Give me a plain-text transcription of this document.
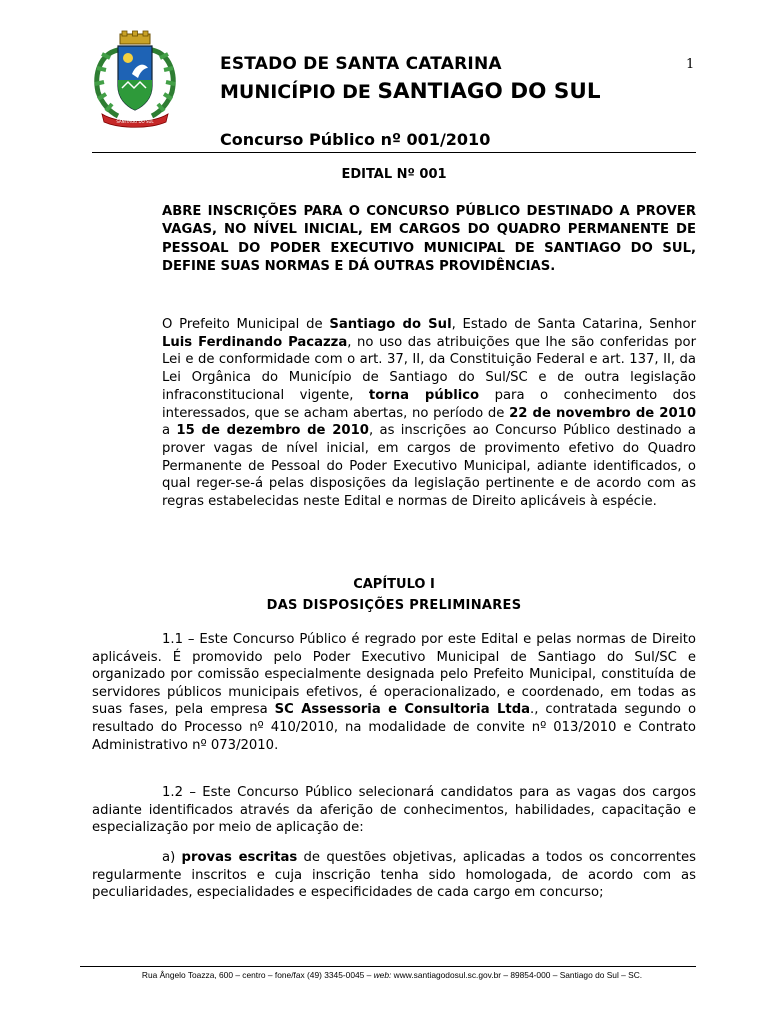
SANTIAGO DO SUL
ESTADO DE SANTA CATARINA
MUNICÍPIO DE SANTIAGO DO SUL
1
Concurso Público nº 001/2010
EDITAL Nº 001
ABRE INSCRIÇÕES PARA O CONCURSO PÚBLICO DESTINADO A PROVER VAGAS, NO NÍVEL INICIAL, EM CARGOS DO QUADRO PERMANENTE DE PESSOAL DO PODER EXECUTIVO MUNICIPAL DE SANTIAGO DO SUL, DEFINE SUAS NORMAS E DÁ OUTRAS PROVIDÊNCIAS.
O Prefeito Municipal de Santiago do Sul, Estado de Santa Catarina, Senhor Luis Ferdinando Pacazza, no uso das atribuições que lhe são conferidas por Lei e de conformidade com o art. 37, II, da Constituição Federal e art. 137, II, da Lei Orgânica do Município de Santiago do Sul/SC e de outra legislação infraconstitucional vigente, torna público para o conhecimento dos interessados, que se acham abertas, no período de 22 de novembro de 2010 a 15 de dezembro de 2010, as inscrições ao Concurso Público destinado a prover vagas de nível inicial, em cargos de provimento efetivo do Quadro Permanente de Pessoal do Poder Executivo Municipal, adiante identificados, o qual reger-se-á pelas disposições da legislação pertinente e de acordo com as regras estabelecidas neste Edital e normas de Direito aplicáveis à espécie.
CAPÍTULO I
DAS DISPOSIÇÕES PRELIMINARES
1.1 – Este Concurso Público é regrado por este Edital e pelas normas de Direito aplicáveis. É promovido pelo Poder Executivo Municipal de Santiago do Sul/SC e organizado por comissão especialmente designada pelo Prefeito Municipal, constituída de servidores públicos municipais efetivos, é operacionalizado, e coordenado, em todas as suas fases, pela empresa SC Assessoria e Consultoria Ltda., contratada segundo o resultado do Processo nº 410/2010, na modalidade de convite nº 013/2010 e Contrato Administrativo nº 073/2010.
1.2 – Este Concurso Público selecionará candidatos para as vagas dos cargos adiante identificados através da aferição de conhecimentos, habilidades, capacitação e especialização por meio de aplicação de:
a) provas escritas de questões objetivas, aplicadas a todos os concorrentes regularmente inscritos e cuja inscrição tenha sido homologada, de acordo com as peculiaridades, especialidades e especificidades de cada cargo em concurso;
Rua Ângelo Toazza, 600 – centro – fone/fax (49) 3345-0045 – web: www.santiagodosul.sc.gov.br – 89854-000 – Santiago do Sul – SC.
